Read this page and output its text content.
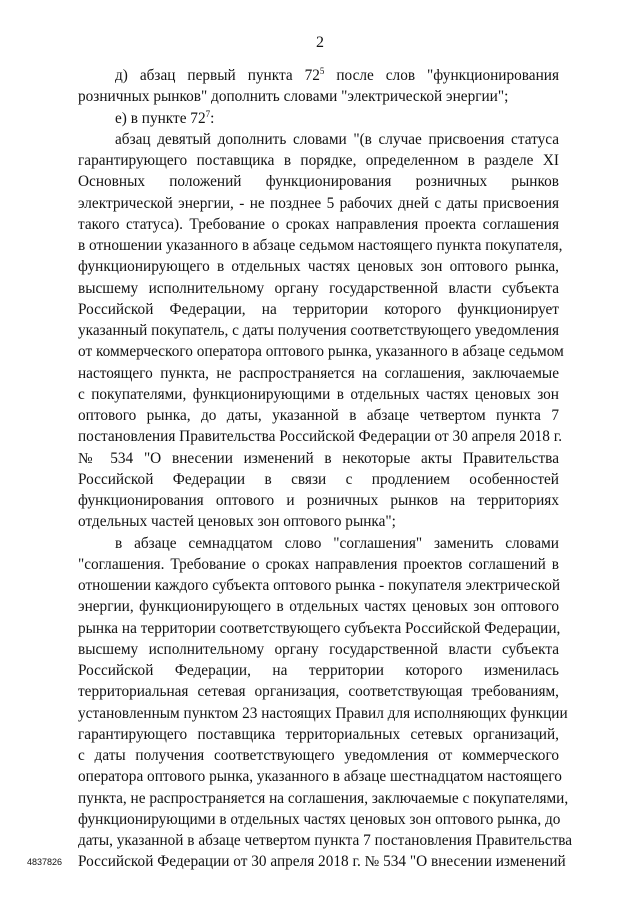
2
д) абзац первый пункта $72^5$ после слов "функционирования
розничных рынков" дополнить словами "электрической энергии";
е) в пункте $72^7$:
абзац девятый дополнить словами "(в случае присвоения статуса
гарантирующего поставщика в порядке, определенном в разделе XI
Основных положений функционирования розничных рынков
электрической энергии, - не позднее 5 рабочих дней с даты присвоения
такого статуса). Требование о сроках направления проекта соглашения
в отношении указанного в абзаце седьмом настоящего пункта покупателя,
функционирующего в отдельных частях ценовых зон оптового рынка,
высшему исполнительному органу государственной власти субъекта
Российской Федерации, на территории которого функционирует
указанный покупатель, с даты получения соответствующего уведомления
от коммерческого оператора оптового рынка, указанного в абзаце седьмом
настоящего пункта, не распространяется на соглашения, заключаемые
с покупателями, функционирующими в отдельных частях ценовых зон
оптового рынка, до даты, указанной в абзаце четвертом пункта 7
постановления Правительства Российской Федерации от 30 апреля 2018 г.
№ 534 "О внесении изменений в некоторые акты Правительства
Российской Федерации в связи с продлением особенностей
функционирования оптового и розничных рынков на территориях
отдельных частей ценовых зон оптового рынка";
в абзаце семнадцатом слово "соглашения" заменить словами
"соглашения. Требование о сроках направления проектов соглашений в
отношении каждого субъекта оптового рынка - покупателя электрической
энергии, функционирующего в отдельных частях ценовых зон оптового
рынка на территории соответствующего субъекта Российской Федерации,
высшему исполнительному органу государственной власти субъекта
Российской Федерации, на территории которого изменилась
территориальная сетевая организация, соответствующая требованиям,
установленным пунктом 23 настоящих Правил для исполняющих функции
гарантирующего поставщика территориальных сетевых организаций,
с даты получения соответствующего уведомления от коммерческого
оператора оптового рынка, указанного в абзаце шестнадцатом настоящего
пункта, не распространяется на соглашения, заключаемые с покупателями,
функционирующими в отдельных частях ценовых зон оптового рынка, до
даты, указанной в абзаце четвертом пункта 7 постановления Правительства
Российской Федерации от 30 апреля 2018 г. № 534 "О внесении изменений
4837826
